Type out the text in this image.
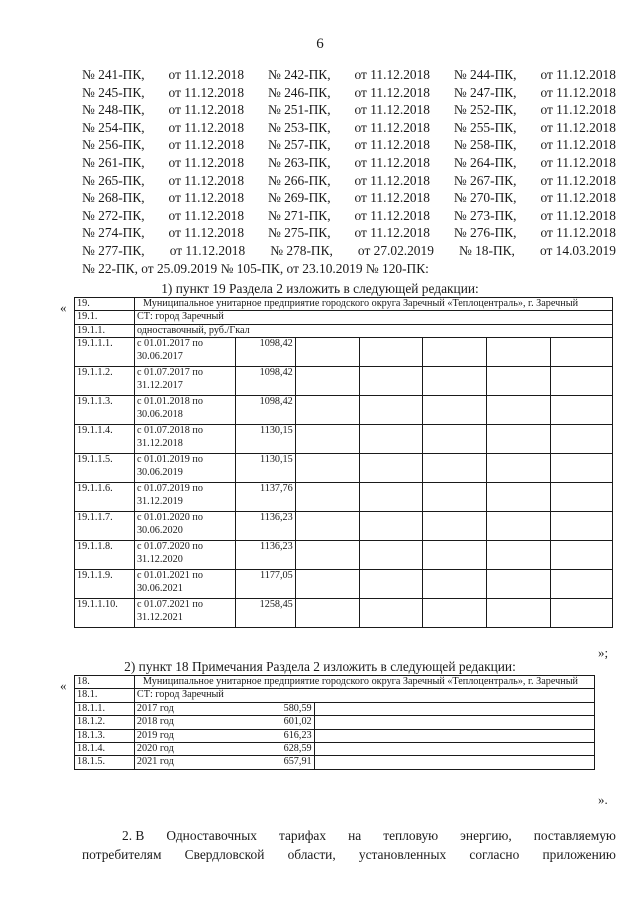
6
№ 241-ПК, от 11.12.2018 № 242-ПК, от 11.12.2018 № 244-ПК, от 11.12.2018
№ 245-ПК, от 11.12.2018 № 246-ПК, от 11.12.2018 № 247-ПК, от 11.12.2018
№ 248-ПК, от 11.12.2018 № 251-ПК, от 11.12.2018 № 252-ПК, от 11.12.2018
№ 254-ПК, от 11.12.2018 № 253-ПК, от 11.12.2018 № 255-ПК, от 11.12.2018
№ 256-ПК, от 11.12.2018 № 257-ПК, от 11.12.2018 № 258-ПК, от 11.12.2018
№ 261-ПК, от 11.12.2018 № 263-ПК, от 11.12.2018 № 264-ПК, от 11.12.2018
№ 265-ПК, от 11.12.2018 № 266-ПК, от 11.12.2018 № 267-ПК, от 11.12.2018
№ 268-ПК, от 11.12.2018 № 269-ПК, от 11.12.2018 № 270-ПК, от 11.12.2018
№ 272-ПК, от 11.12.2018 № 271-ПК, от 11.12.2018 № 273-ПК, от 11.12.2018
№ 274-ПК, от 11.12.2018 № 275-ПК, от 11.12.2018 № 276-ПК, от 11.12.2018
№ 277-ПК, от 11.12.2018 № 278-ПК, от 27.02.2019 № 18-ПК, от 14.03.2019
№ 22-ПК, от 25.09.2019 № 105-ПК, от 23.10.2019 № 120-ПК:
1) пункт 19 Раздела 2 изложить в следующей редакции:
« 19.	Муниципальное унитарное предприятие городского округа Заречный «Теплоцентраль», г. Заречный						
19.1.	СТ: город Заречный						
19.1.1.	одноставочный, руб./Гкал						
19.1.1.1.	с 01.01.2017 по
30.06.2017	1098,42					
19.1.1.2.	с 01.07.2017 по
31.12.2017	1098,42					
19.1.1.3.	с 01.01.2018 по
30.06.2018	1098,42					
19.1.1.4.	с 01.07.2018 по
31.12.2018	1130,15					
19.1.1.5.	с 01.01.2019 по
30.06.2019	1130,15					
19.1.1.6.	с 01.07.2019 по
31.12.2019	1137,76					
19.1.1.7.	с 01.01.2020 по
30.06.2020	1136,23					
19.1.1.8.	с 01.07.2020 по
31.12.2020	1136,23					
19.1.1.9.	с 01.01.2021 по
30.06.2021	1177,05					
19.1.1.10.	с 01.07.2021 по
31.12.2021	1258,45					
»;
2) пункт 18 Примечания Раздела 2 изложить в следующей редакции:
« 18.	Муниципальное унитарное предприятие городского округа Заречный «Теплоцентраль», г. Заречный	
18.1.	СТ: город Заречный	
18.1.1.	2017 год 580,59	

18.1.2.	2018 год 601,02	

18.1.3.	2019 год 616,23	

18.1.4.	2020 год 628,59	

18.1.5.	2021 год 657,91	

».
2. В Одноставочных тарифах на тепловую энергию, поставляемую
потребителям Свердловской области, установленных согласно приложению
